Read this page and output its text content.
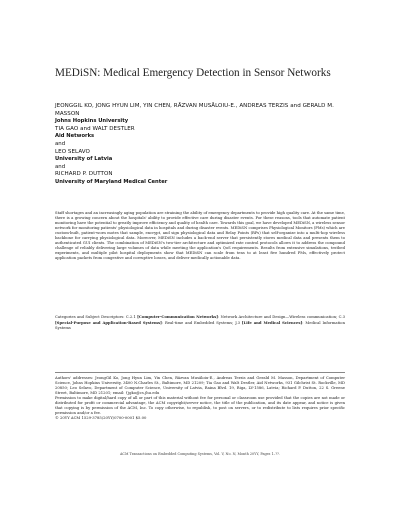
MEDiSN: Medical Emergency Detection in Sensor Networks
JEONGGIL KO, JONG HYUN LIM, YIN CHEN, RĂZVAN MUSĂLOIU-E., ANDREAS TERZIS and GERALD M. MASSON
Johns Hopkins University
TIA GAO and WALT DESTLER
Aid Networks
and
LEO SELAVO
University of Latvia
and
RICHARD P. DUTTON
University of Maryland Medical Center
Staff shortages and an increasingly aging population are straining the ability of emergency departments to provide high quality care. At the same time, there is a growing concern about the hospitals' ability to provide effective care during disaster events. For these reasons, tools that automate patient monitoring have the potential to greatly improve efficiency and quality of health care. Towards this goal, we have developed MEDiSN, a wireless sensor network for monitoring patients' physiological data in hospitals and during disaster events. MEDiSN comprises Physiological Monitors (PMs) which are custom-built, patient-worn motes that sample, encrypt, and sign physiological data and Relay Points (RPs) that self-organize into a multi-hop wireless backbone for carrying physiological data. Moreover, MEDiSN includes a back-end server that persistently stores medical data and presents them to authenticated GUI clients. The combination of MEDiSN's two-tier architecture and optimized rate control protocols allows it to address the compound challenge of reliably delivering large volumes of data while meeting the application's QoS requirements. Results from extensive simulations, testbed experiments, and multiple pilot hospital deployments show that MEDiSN can scale from tens to at least five hundred PMs, effectively protect application packets from congestive and corruptive losses, and deliver medically actionable data.
Categories and Subject Descriptors: C.2.1 [Computer-Communication Networks]: Network Architecture and Design—Wireless communication; C.3 [Special-Purpose and Application-Based Systems]: Real-time and Embedded Systems; J.3 [Life and Medical Sciences]: Medical Information Systems
Authors' addresses: JeongGil Ko, Jong Hyun Lim, Yin Chen, Răzvan Musăloiu-E., Andreas Terzis and Gerald M. Masson, Department of Computer Science, Johns Hopkins University, 3400 N.Charles St., Baltimore, MD 21209; Tia Gao and Walt Destler, Aid Networks, 931 Gilchrist St. Rockville, MD 20850; Leo Selavo, Department of Computer Science, University of Latvia, Raina Blvd. 19, Riga, LV-1586, Latvia; Richard P. Dutton, 22 S. Greene Street, Baltimore, MD 21201; email: {jgko@cs.jhu.edu
Permission to make digital/hard copy of all or part of this material without fee for personal or classroom use provided that the copies are not made or distributed for profit or commercial advantage, the ACM copyright/server notice, the title of the publication, and its date appear, and notice is given that copying is by permission of the ACM, Inc. To copy otherwise, to republish, to post on servers, or to redistribute to lists requires prior specific permission and/or a fee.
© 20YY ACM 1529-3785/20YY/0700-0001 $5.00
ACM Transactions on Embedded Computing Systems, Vol. V, No. N, Month 20YY, Pages 1–??.
